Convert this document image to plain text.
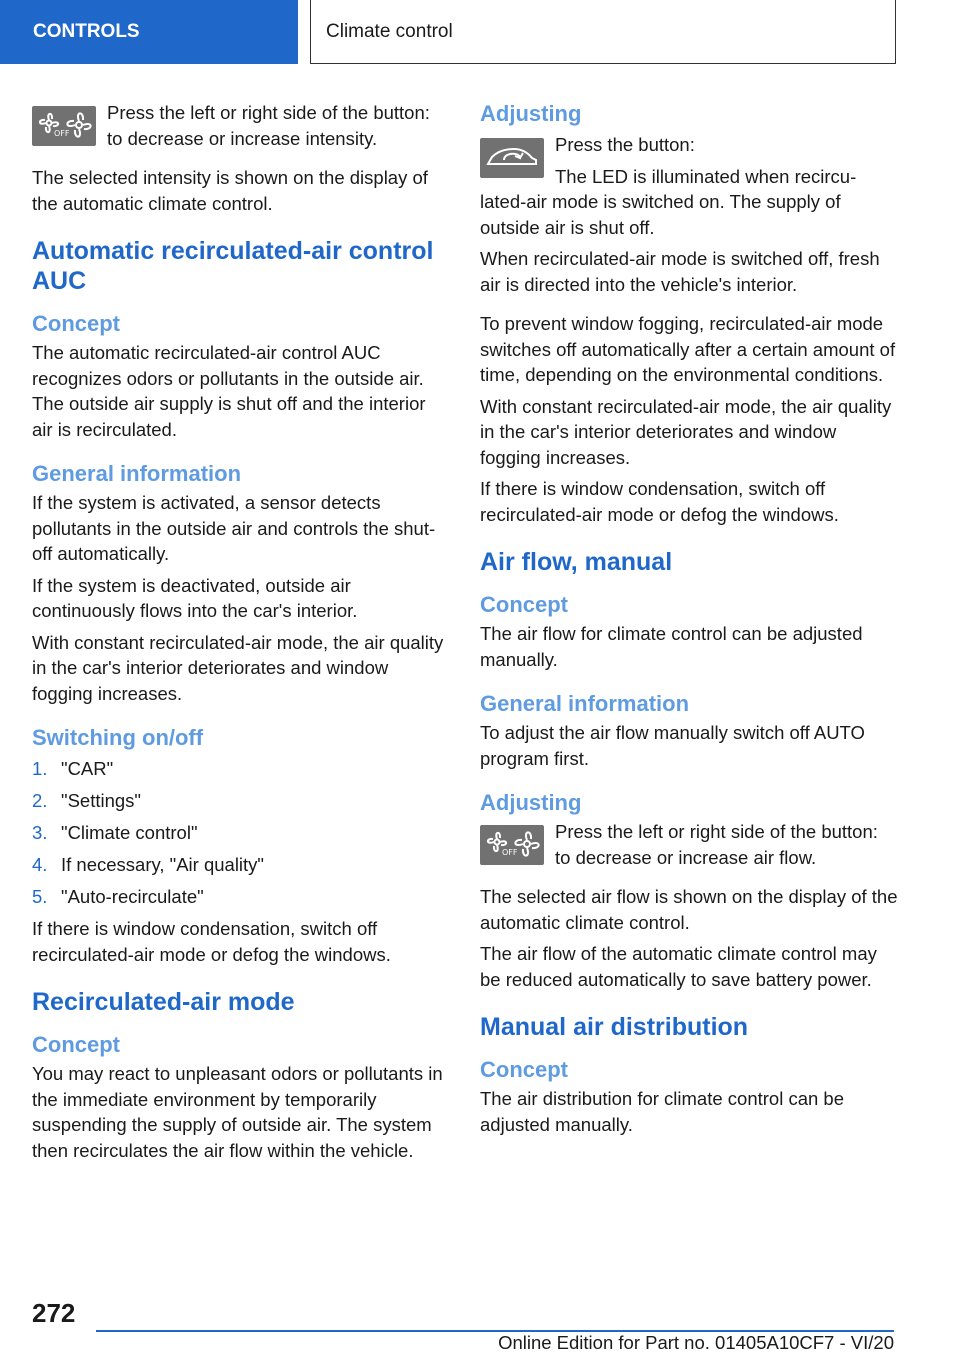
CONTROLS	Climate control
OFF
Press the left or right side of the button: to decrease or increase intensity.

The selected intensity is shown on the display of the automatic climate control.

Automatic recirculated-air control AUC
Concept

The automatic recirculated-air control AUC recognizes odors or pollutants in the outside air. The outside air supply is shut off and the interior air is recirculated.

General information

If the system is activated, a sensor detects pollutants in the outside air and controls the shut-off automatically.

If the system is deactivated, outside air continuously flows into the car's interior.

With constant recirculated-air mode, the air quality in the car's interior deteriorates and window fogging increases.

Switching on/off
1. "CAR"
2. "Settings"
3. "Climate control"
4. If necessary, "Air quality"
5. "Auto-recirculate"

If there is window condensation, switch off recirculated-air mode or defog the windows.

Recirculated-air mode
Concept

You may react to unpleasant odors or pollutants in the immediate environment by temporarily suspending the supply of outside air. The system then recirculates the air flow within the vehicle.

Adjusting
Press the button:
The LED is illuminated when recircu-

lated-air mode is switched on. The supply of outside air is shut off.

When recirculated-air mode is switched off, fresh air is directed into the vehicle's interior.

To prevent window fogging, recirculated-air mode switches off automatically after a certain amount of time, depending on the environmental conditions.

With constant recirculated-air mode, the air quality in the car's interior deteriorates and window fogging increases.

If there is window condensation, switch off recirculated-air mode or defog the windows.

Air flow, manual
Concept

The air flow for climate control can be adjusted manually.

General information

To adjust the air flow manually switch off AUTO program first.

Adjusting
OFF
Press the left or right side of the button: to decrease or increase air flow.

The selected air flow is shown on the display of the automatic climate control.

The air flow of the automatic climate control may be reduced automatically to save battery power.

Manual air distribution
Concept

The air distribution for climate control can be adjusted manually.

272
Online Edition for Part no. 01405A10CF7 - VI/20
